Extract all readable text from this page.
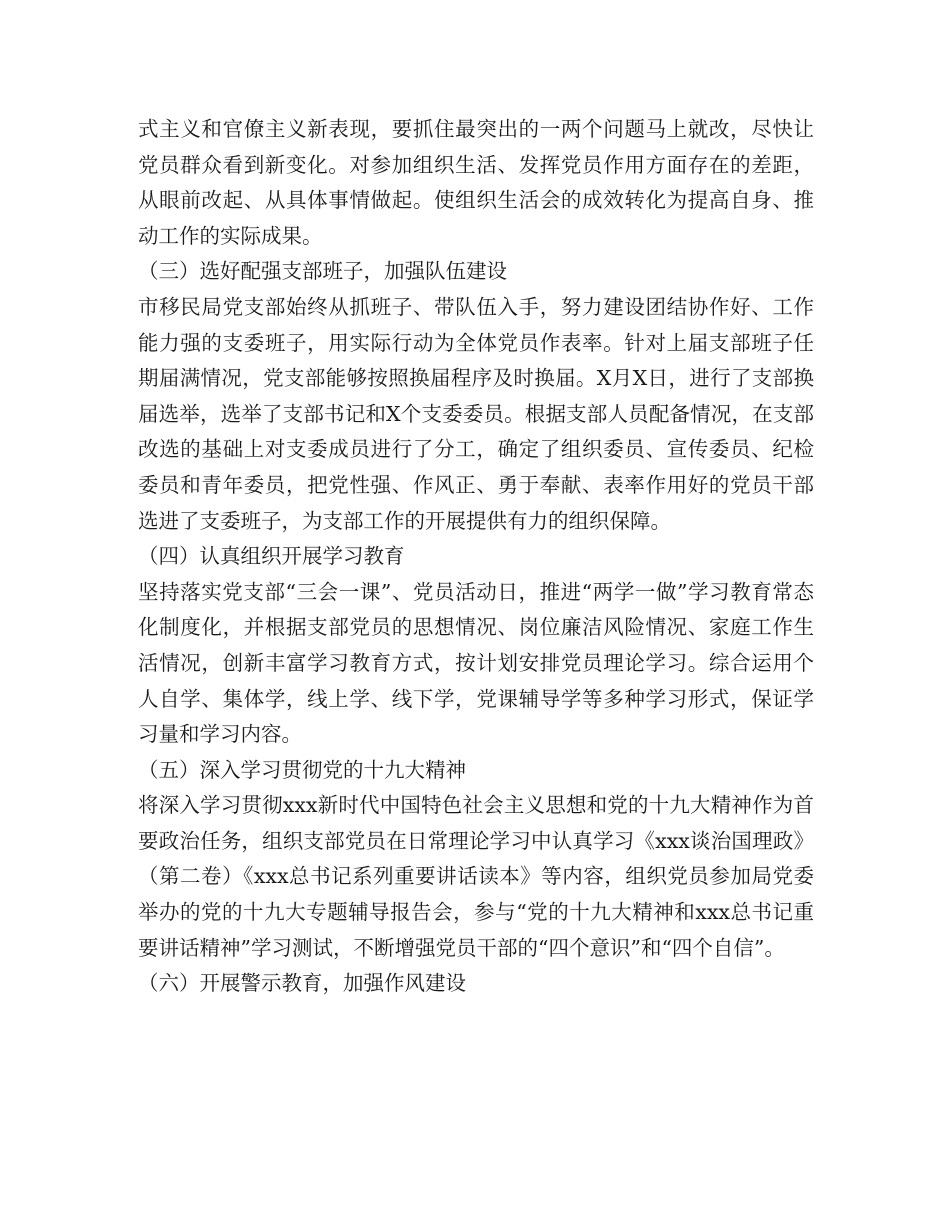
式主义和官僚主义新表现，要抓住最突出的一两个问题马上就改，尽快让党员群众看到新变化。对参加组织生活、发挥党员作用方面存在的差距，从眼前改起、从具体事情做起。使组织生活会的成效转化为提高自身、推动工作的实际成果。

（三）选好配强支部班子，加强队伍建设

市移民局党支部始终从抓班子、带队伍入手，努力建设团结协作好、工作能力强的支委班子，用实际行动为全体党员作表率。针对上届支部班子任期届满情况，党支部能够按照换届程序及时换届。X月X日，进行了支部换届选举，选举了支部书记和X个支委委员。根据支部人员配备情况，在支部改选的基础上对支委成员进行了分工，确定了组织委员、宣传委员、纪检委员和青年委员，把党性强、作风正、勇于奉献、表率作用好的党员干部选进了支委班子，为支部工作的开展提供有力的组织保障。

（四）认真组织开展学习教育

坚持落实党支部“三会一课”、党员活动日，推进“两学一做”学习教育常态化制度化，并根据支部党员的思想情况、岗位廉洁风险情况、家庭工作生活情况，创新丰富学习教育方式，按计划安排党员理论学习。综合运用个人自学、集体学，线上学、线下学，党课辅导学等多种学习形式，保证学习量和学习内容。

（五）深入学习贯彻党的十九大精神

将深入学习贯彻xxx新时代中国特色社会主义思想和党的十九大精神作为首要政治任务，组织支部党员在日常理论学习中认真学习《xxx谈治国理政》（第二卷）《xxx总书记系列重要讲话读本》等内容，组织党员参加局党委举办的党的十九大专题辅导报告会，参与“党的十九大精神和xxx总书记重要讲话精神”学习测试，不断增强党员干部的“四个意识”和“四个自信”。

（六）开展警示教育，加强作风建设
